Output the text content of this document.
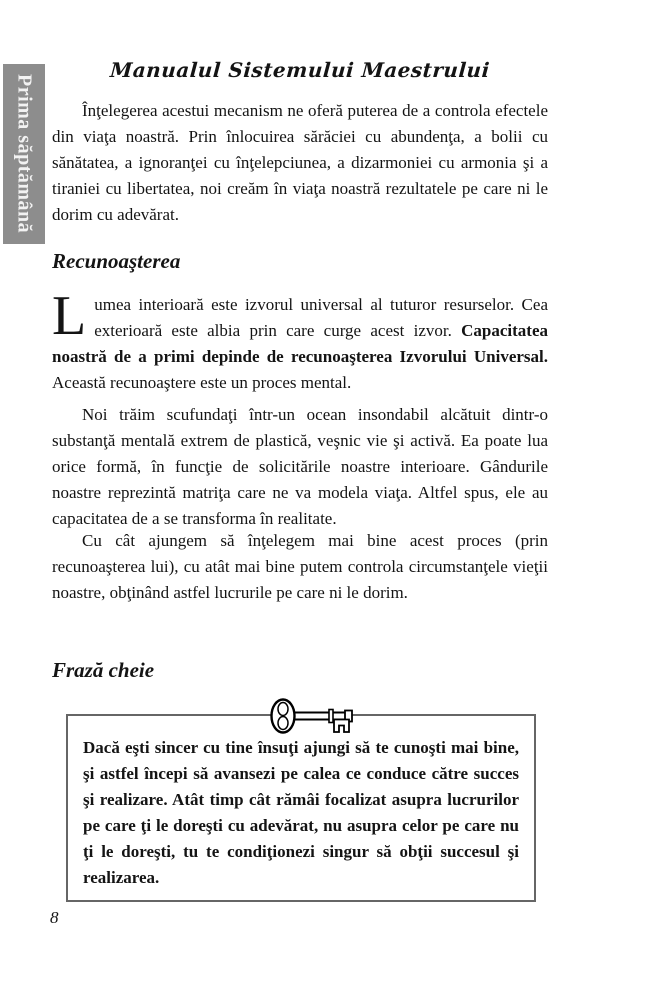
Prima săptămână
Manualul Sistemului Maestrului

Înţelegerea acestui mecanism ne oferă puterea de a controla efectele din viaţa noastră. Prin înlocuirea sărăciei cu abundenţa, a bolii cu sănătatea, a ignoranţei cu înţelepciunea, a dizarmoniei cu armonia şi a tiraniei cu libertatea, noi creăm în viaţa noastră rezultatele pe care ni le dorim cu adevărat.

Recunoaşterea

Lumea interioară este izvorul universal al tuturor resurselor. Cea exterioară este albia prin care curge acest izvor. Capacitatea noastră de a primi depinde de recunoaşterea Izvorului Universal. Această recunoaştere este un proces mental.

Noi trăim scufundaţi într-un ocean insondabil alcătuit dintr-o substanţă mentală extrem de plastică, veşnic vie şi activă. Ea poate lua orice formă, în funcţie de solicitările noastre interioare. Gândurile noastre reprezintă matriţa care ne va modela viaţa. Altfel spus, ele au capacitatea de a se transforma în realitate.

Cu cât ajungem să înţelegem mai bine acest proces (prin recunoaşterea lui), cu atât mai bine putem controla circumstanţele vieţii noastre, obţinând astfel lucrurile pe care ni le dorim.

Frază cheie
Dacă eşti sincer cu tine însuţi ajungi să te cunoşti mai bine, şi astfel începi să avansezi pe calea ce conduce către succes şi realizare. Atât timp cât rămâi focalizat asupra lucrurilor pe care ţi le doreşti cu adevărat, nu asupra celor pe care nu ţi le doreşti, tu te condiţionezi singur să obţii succesul şi realizarea.
8
